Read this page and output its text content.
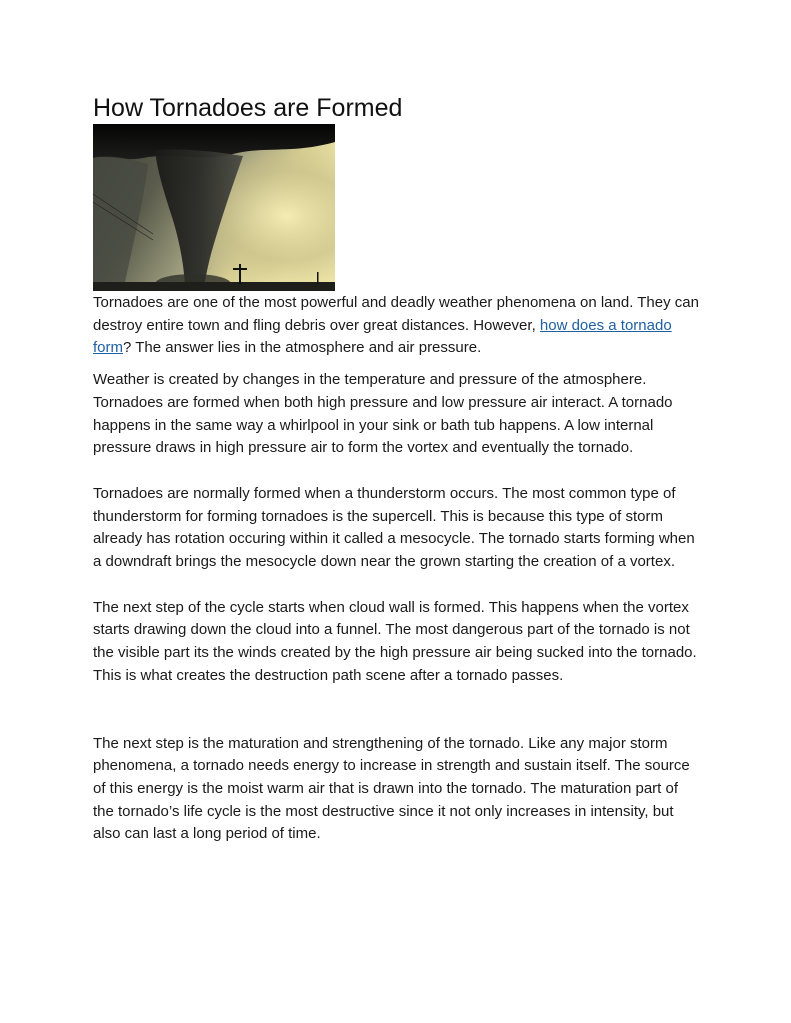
How Tornadoes are Formed

Tornadoes are one of the most powerful and deadly weather phenomena on land. They can destroy entire town and fling debris over great distances. However, how does a tornado form? The answer lies in the atmosphere and air pressure.

Weather is created by changes in the temperature and pressure of the atmosphere. Tornadoes are formed when both high pressure and low pressure air interact. A tornado happens in the same way a whirlpool in your sink or bath tub happens. A low internal pressure draws in high pressure air to form the vortex and eventually the tornado.

Tornadoes are normally formed when a thunderstorm occurs. The most common type of thunderstorm for forming tornadoes is the supercell. This is because this type of storm already has rotation occuring within it called a mesocycle. The tornado starts forming when a downdraft brings the mesocycle down near the grown starting the creation of a vortex.

The next step of the cycle starts when cloud wall is formed. This happens when the vortex starts drawing down the cloud into a funnel. The most dangerous part of the tornado is not the visible part its the winds created by the high pressure air being sucked into the tornado. This is what creates the destruction path scene after a tornado passes.

The next step is the maturation and strengthening of the tornado. Like any major storm phenomena, a tornado needs energy to increase in strength and sustain itself. The source of this energy is the moist warm air that is drawn into the tornado. The maturation part of the tornado’s life cycle is the most destructive since it not only increases in intensity, but also can last a long period of time.
